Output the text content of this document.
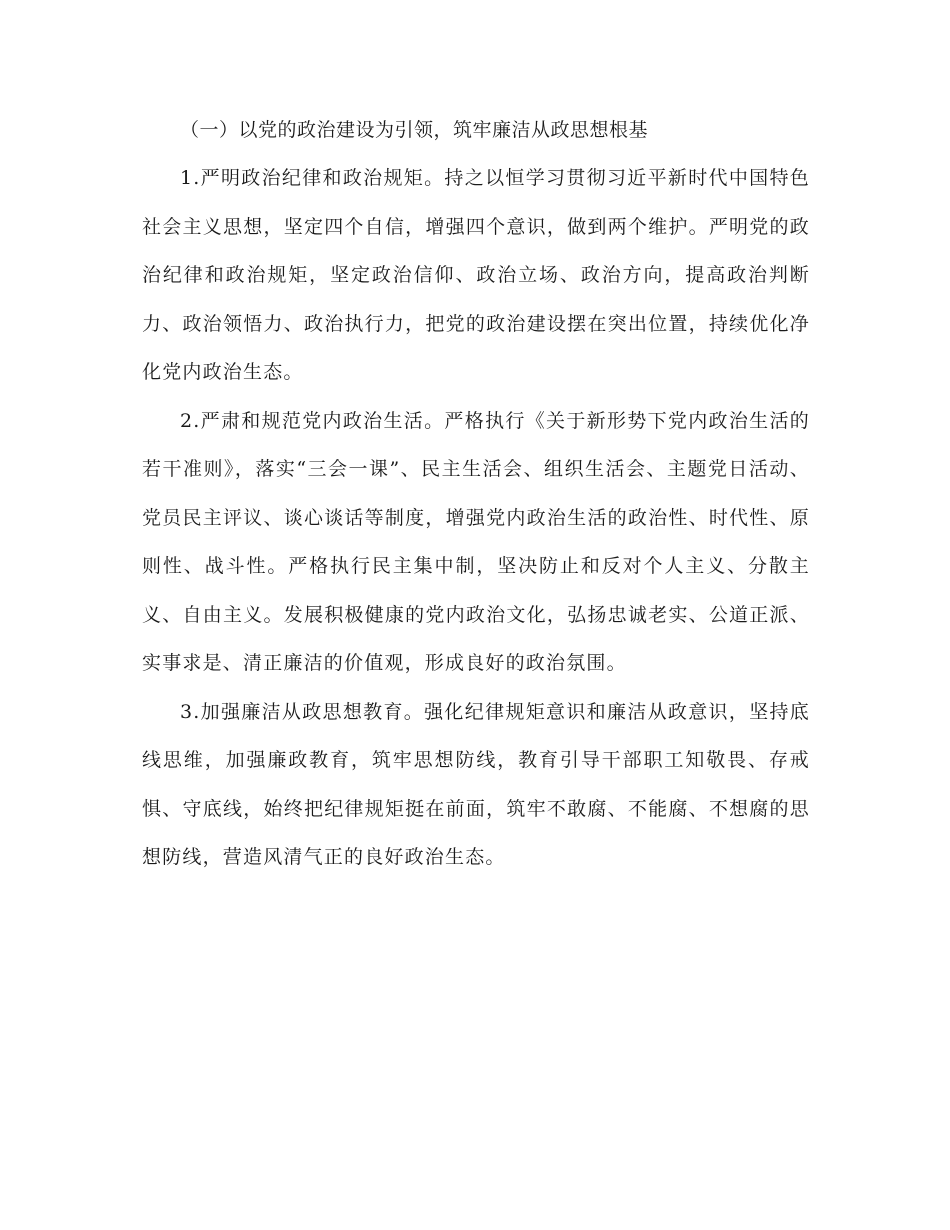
（一）以党的政治建设为引领，筑牢廉洁从政思想根基

1.严明政治纪律和政治规矩。持之以恒学习贯彻习近平新时代中国特色社会主义思想，坚定四个自信，增强四个意识，做到两个维护。严明党的政治纪律和政治规矩，坚定政治信仰、政治立场、政治方向，提高政治判断力、政治领悟力、政治执行力，把党的政治建设摆在突出位置，持续优化净化党内政治生态。

2.严肃和规范党内政治生活。严格执行《关于新形势下党内政治生活的若干准则》，落实“三会一课”、民主生活会、组织生活会、主题党日活动、党员民主评议、谈心谈话等制度，增强党内政治生活的政治性、时代性、原则性、战斗性。严格执行民主集中制，坚决防止和反对个人主义、分散主义、自由主义。发展积极健康的党内政治文化，弘扬忠诚老实、公道正派、实事求是、清正廉洁的价值观，形成良好的政治氛围。

3.加强廉洁从政思想教育。强化纪律规矩意识和廉洁从政意识，坚持底线思维，加强廉政教育，筑牢思想防线，教育引导干部职工知敬畏、存戒惧、守底线，始终把纪律规矩挺在前面，筑牢不敢腐、不能腐、不想腐的思想防线，营造风清气正的良好政治生态。
